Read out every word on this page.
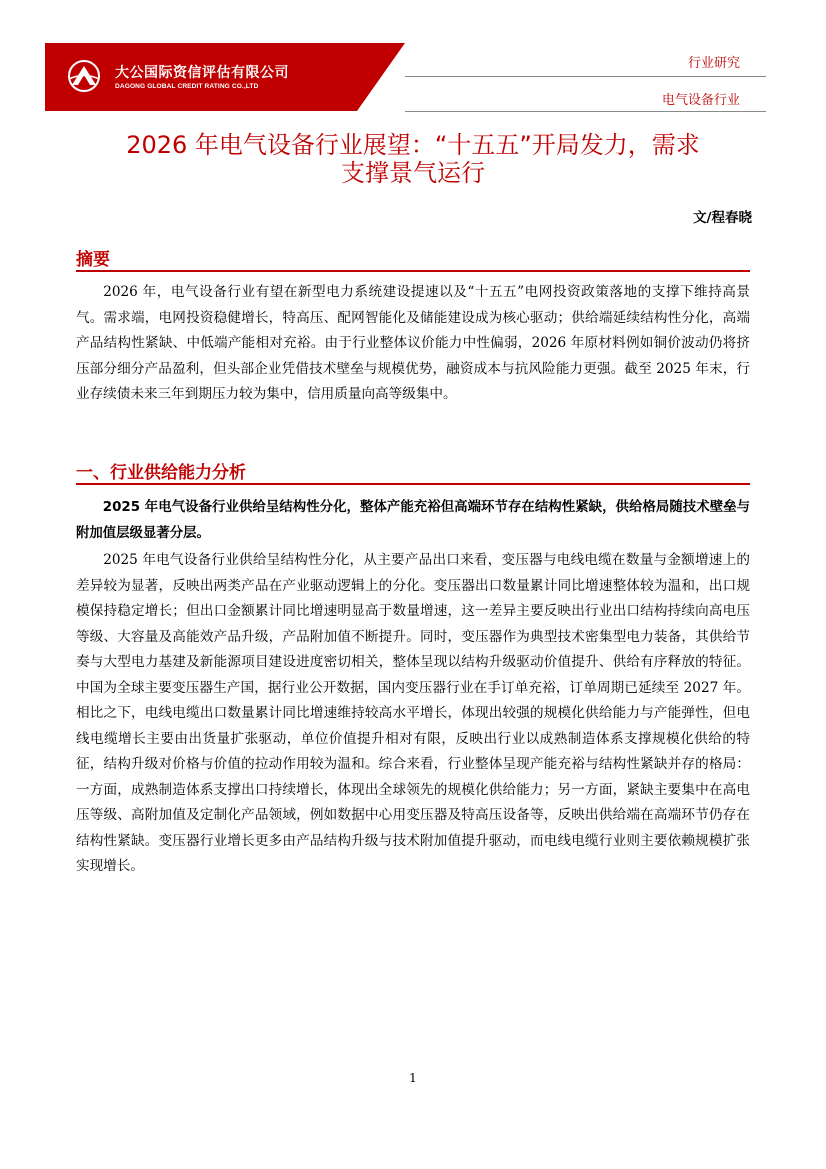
大公国际资信评估有限公司
DAGONG GLOBAL CREDIT RATING CO.,LTD
行业研究
电气设备行业
2026 年电气设备行业展望：“十五五”开局发力，需求
支撑景气运行
文/程春晓
摘要

2026 年，电气设备行业有望在新型电力系统建设提速以及“十五五”电网投资政策落地的支撑下维持高景气。需求端，电网投资稳健增长，特高压、配网智能化及储能建设成为核心驱动；供给端延续结构性分化，高端产品结构性紧缺、中低端产能相对充裕。由于行业整体议价能力中性偏弱，2026 年原材料例如铜价波动仍将挤压部分细分产品盈利，但头部企业凭借技术壁垒与规模优势，融资成本与抗风险能力更强。截至 2025 年末，行业存续债未来三年到期压力较为集中，信用质量向高等级集中。

一、行业供给能力分析

2025 年电气设备行业供给呈结构性分化，整体产能充裕但高端环节存在结构性紧缺，供给格局随技术壁垒与附加值层级显著分层。

2025 年电气设备行业供给呈结构性分化，从主要产品出口来看，变压器与电线电缆在数量与金额增速上的差异较为显著，反映出两类产品在产业驱动逻辑上的分化。变压器出口数量累计同比增速整体较为温和，出口规模保持稳定增长；但出口金额累计同比增速明显高于数量增速，这一差异主要反映出行业出口结构持续向高电压等级、大容量及高能效产品升级，产品附加值不断提升。同时，变压器作为典型技术密集型电力装备，其供给节奏与大型电力基建及新能源项目建设进度密切相关，整体呈现以结构升级驱动价值提升、供给有序释放的特征。中国为全球主要变压器生产国，据行业公开数据，国内变压器行业在手订单充裕，订单周期已延续至 2027 年。相比之下，电线电缆出口数量累计同比增速维持较高水平增长，体现出较强的规模化供给能力与产能弹性，但电线电缆增长主要由出货量扩张驱动，单位价值提升相对有限，反映出行业以成熟制造体系支撑规模化供给的特征，结构升级对价格与价值的拉动作用较为温和。综合来看，行业整体呈现产能充裕与结构性紧缺并存的格局：一方面，成熟制造体系支撑出口持续增长，体现出全球领先的规模化供给能力；另一方面，紧缺主要集中在高电压等级、高附加值及定制化产品领域，例如数据中心用变压器及特高压设备等，反映出供给端在高端环节仍存在结构性紧缺。变压器行业增长更多由产品结构升级与技术附加值提升驱动，而电线电缆行业则主要依赖规模扩张实现增长。

1
